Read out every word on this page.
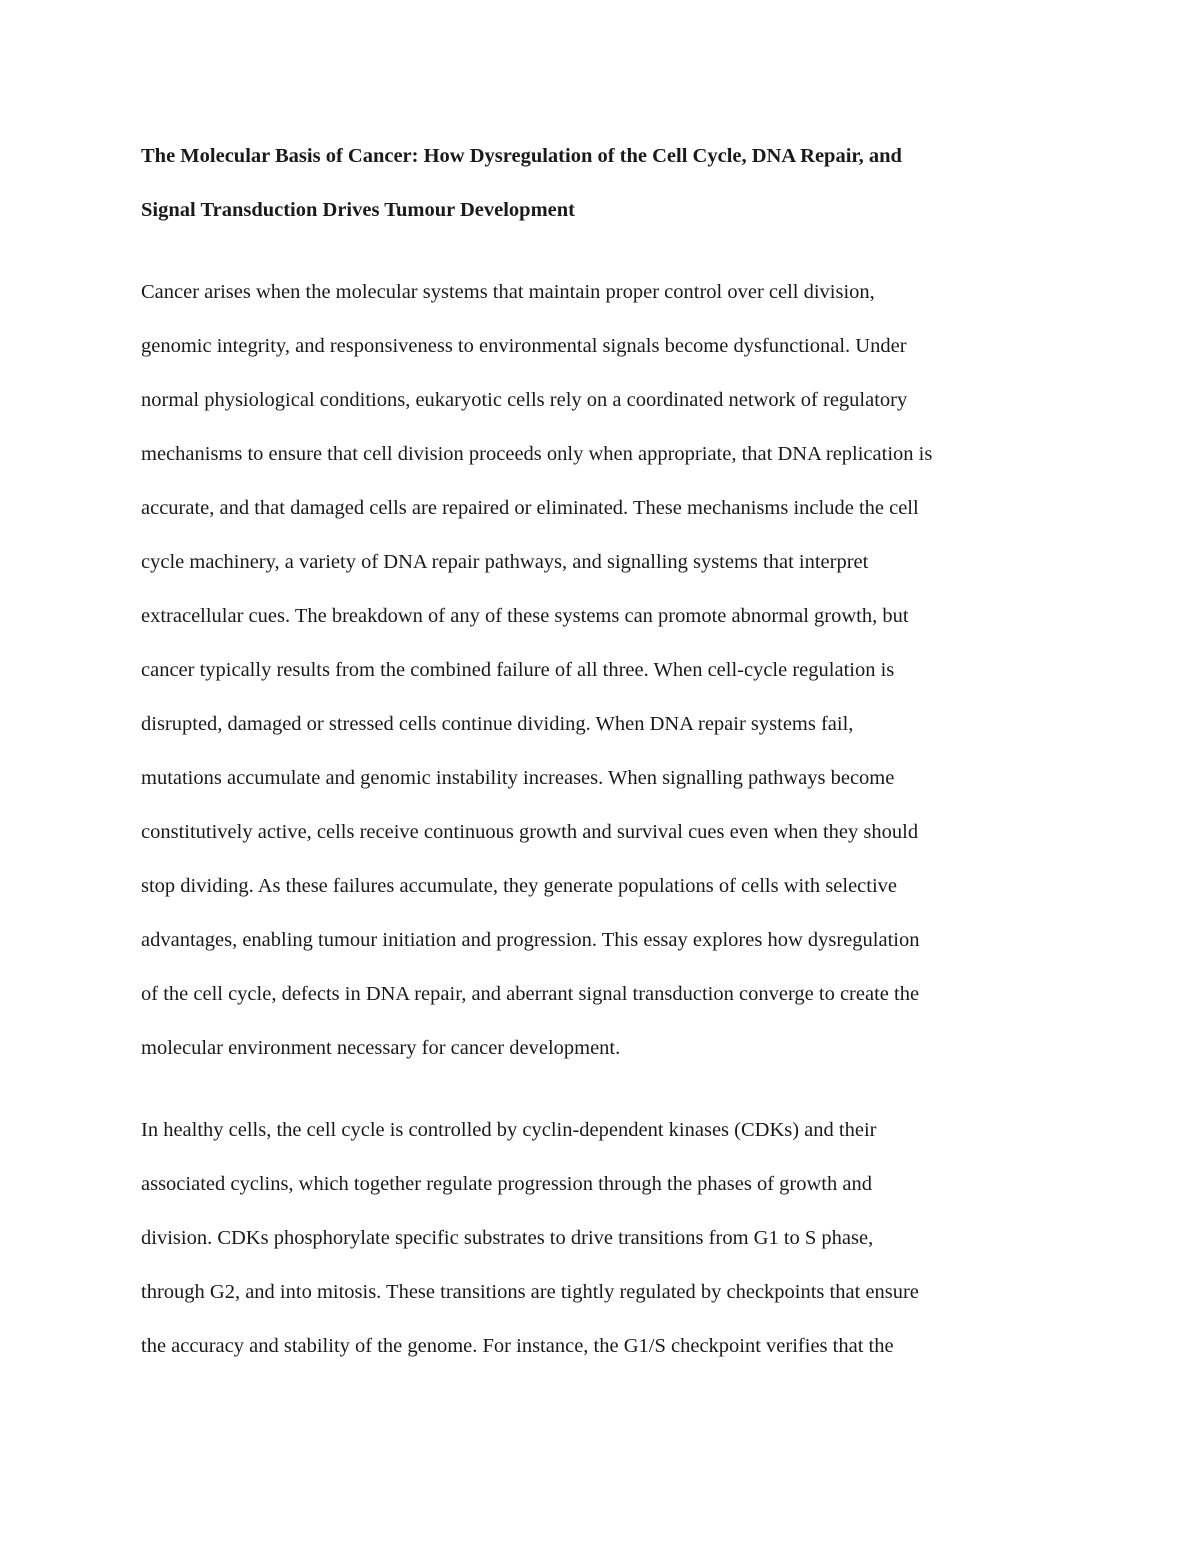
The Molecular Basis of Cancer: How Dysregulation of the Cell Cycle, DNA Repair, and
Signal Transduction Drives Tumour Development
Cancer arises when the molecular systems that maintain proper control over cell division,
genomic integrity, and responsiveness to environmental signals become dysfunctional. Under
normal physiological conditions, eukaryotic cells rely on a coordinated network of regulatory
mechanisms to ensure that cell division proceeds only when appropriate, that DNA replication is
accurate, and that damaged cells are repaired or eliminated. These mechanisms include the cell
cycle machinery, a variety of DNA repair pathways, and signalling systems that interpret
extracellular cues. The breakdown of any of these systems can promote abnormal growth, but
cancer typically results from the combined failure of all three. When cell-cycle regulation is
disrupted, damaged or stressed cells continue dividing. When DNA repair systems fail,
mutations accumulate and genomic instability increases. When signalling pathways become
constitutively active, cells receive continuous growth and survival cues even when they should
stop dividing. As these failures accumulate, they generate populations of cells with selective
advantages, enabling tumour initiation and progression. This essay explores how dysregulation
of the cell cycle, defects in DNA repair, and aberrant signal transduction converge to create the
molecular environment necessary for cancer development.
In healthy cells, the cell cycle is controlled by cyclin-dependent kinases (CDKs) and their
associated cyclins, which together regulate progression through the phases of growth and
division. CDKs phosphorylate specific substrates to drive transitions from G1 to S phase,
through G2, and into mitosis. These transitions are tightly regulated by checkpoints that ensure
the accuracy and stability of the genome. For instance, the G1/S checkpoint verifies that the
